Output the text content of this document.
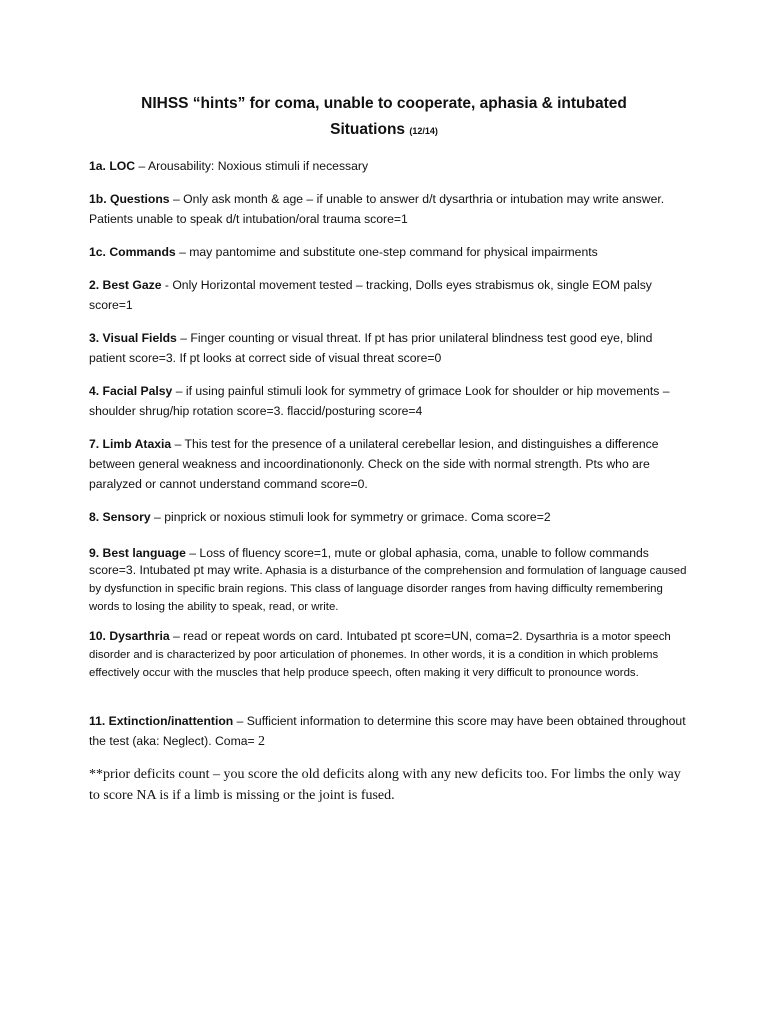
NIHSS “hints” for coma, unable to cooperate, aphasia & intubated
Situations (12/14)
1a. LOC – Arousability: Noxious stimuli if necessary
1b. Questions – Only ask month & age – if unable to answer d/t dysarthria or intubation may write answer. Patients unable to speak d/t intubation/oral trauma score=1
1c. Commands – may pantomime and substitute one-step command for physical impairments
2. Best Gaze - Only Horizontal movement tested – tracking, Dolls eyes strabismus ok, single EOM palsy score=1
3. Visual Fields – Finger counting or visual threat. If pt has prior unilateral blindness test good eye, blind patient score=3. If pt looks at correct side of visual threat score=0
4. Facial Palsy – if using painful stimuli look for symmetry of grimace Look for shoulder or hip movements – shoulder shrug/hip rotation score=3. flaccid/posturing score=4
7. Limb Ataxia – This test for the presence of a unilateral cerebellar lesion, and distinguishes a difference between general weakness and incoordinationonly. Check on the side with normal strength. Pts who are paralyzed or cannot understand command score=0.
8. Sensory – pinprick or noxious stimuli look for symmetry or grimace. Coma score=2
9. Best language – Loss of fluency score=1, mute or global aphasia, coma, unable to follow commands score=3. Intubated pt may write. Aphasia is a disturbance of the comprehension and formulation of language caused by dysfunction in specific brain regions. This class of language disorder ranges from having difficulty remembering words to losing the ability to speak, read, or write.
10. Dysarthria – read or repeat words on card. Intubated pt score=UN, coma=2. Dysarthria is a motor speech disorder and is characterized by poor articulation of phonemes. In other words, it is a condition in which problems effectively occur with the muscles that help produce speech, often making it very difficult to pronounce words.
11. Extinction/inattention – Sufficient information to determine this score may have been obtained throughout the test (aka: Neglect). Coma= 2
**prior deficits count – you score the old deficits along with any new deficits too. For limbs the only way to score NA is if a limb is missing or the joint is fused.
